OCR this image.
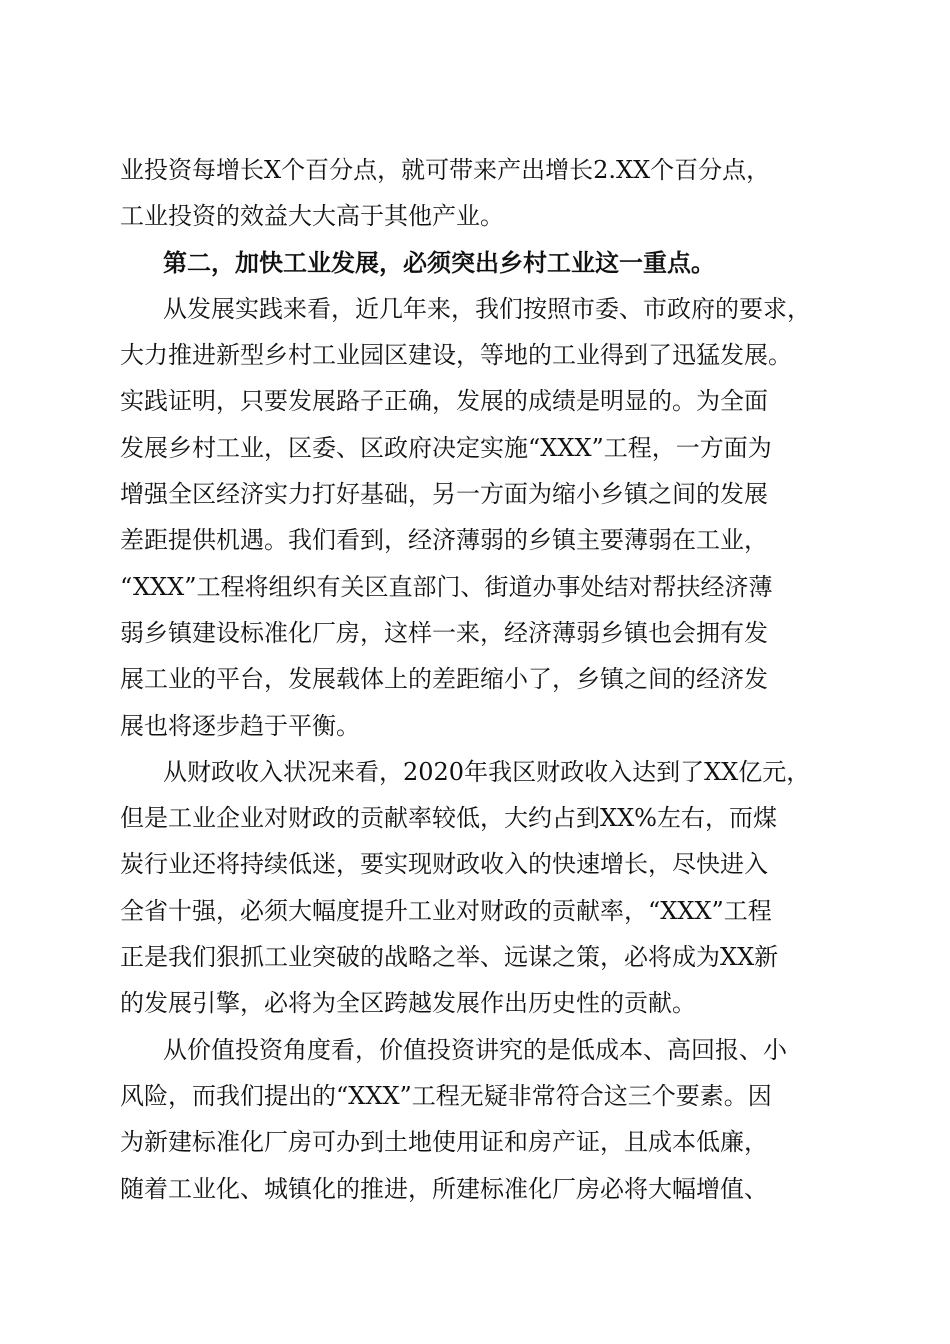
业投资每增长X个百分点，就可带来产出增长2.XX个百分点，

工业投资的效益大大高于其他产业。

第二，加快工业发展，必须突出乡村工业这一重点。

从发展实践来看，近几年来，我们按照市委、市政府的要求，

大力推进新型乡村工业园区建设，等地的工业得到了迅猛发展。

实践证明，只要发展路子正确，发展的成绩是明显的。为全面

发展乡村工业，区委、区政府决定实施“XXX”工程，一方面为

增强全区经济实力打好基础，另一方面为缩小乡镇之间的发展

差距提供机遇。我们看到，经济薄弱的乡镇主要薄弱在工业，

“XXX”工程将组织有关区直部门、街道办事处结对帮扶经济薄

弱乡镇建设标准化厂房，这样一来，经济薄弱乡镇也会拥有发

展工业的平台，发展载体上的差距缩小了，乡镇之间的经济发

展也将逐步趋于平衡。

从财政收入状况来看，2020年我区财政收入达到了XX亿元，

但是工业企业对财政的贡献率较低，大约占到XX%左右，而煤

炭行业还将持续低迷，要实现财政收入的快速增长，尽快进入

全省十强，必须大幅度提升工业对财政的贡献率，“XXX”工程

正是我们狠抓工业突破的战略之举、远谋之策，必将成为XX新

的发展引擎，必将为全区跨越发展作出历史性的贡献。

从价值投资角度看，价值投资讲究的是低成本、高回报、小

风险，而我们提出的“XXX”工程无疑非常符合这三个要素。因

为新建标准化厂房可办到土地使用证和房产证，且成本低廉，

随着工业化、城镇化的推进，所建标准化厂房必将大幅增值、
